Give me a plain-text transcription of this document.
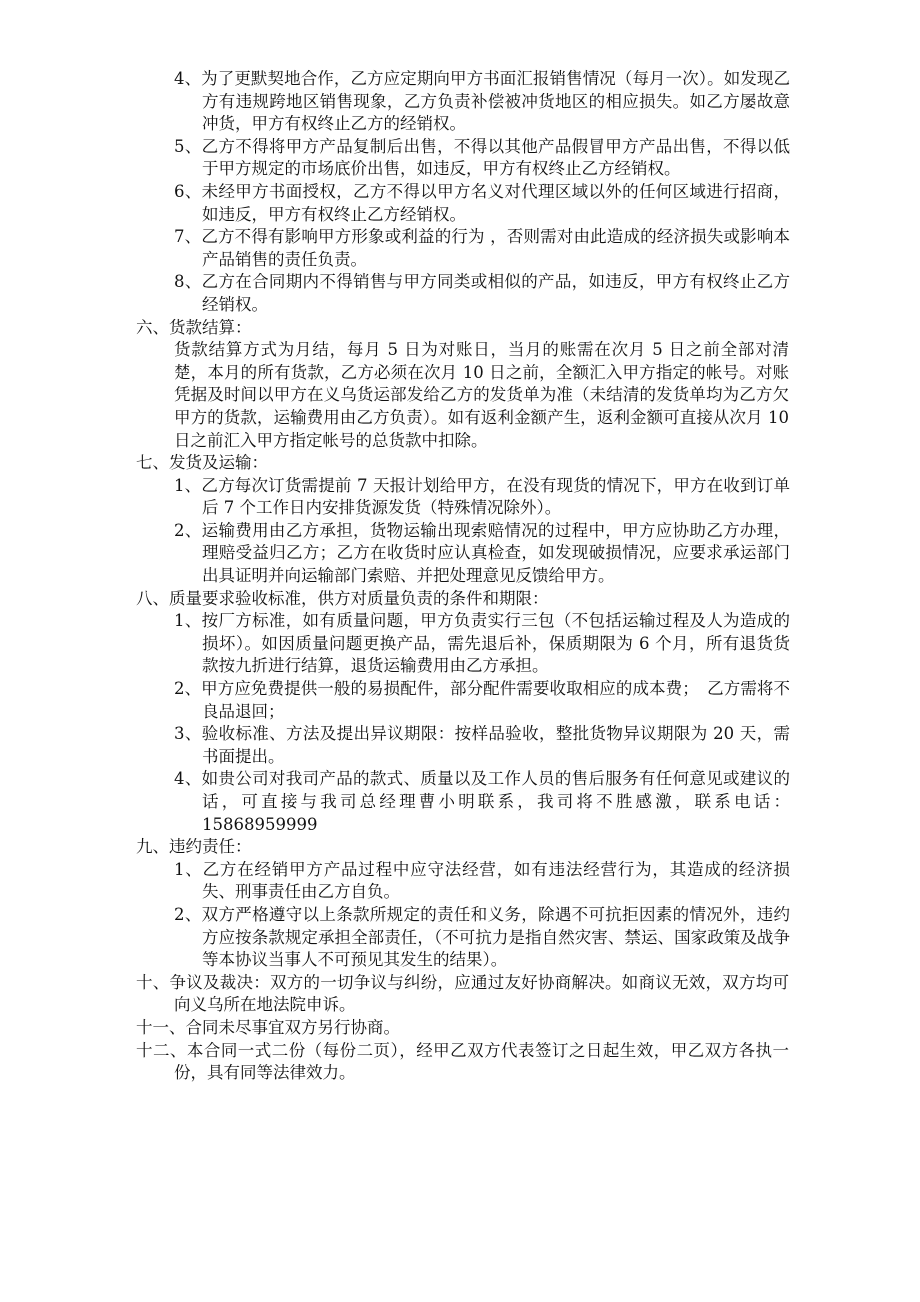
4、为了更默契地合作，乙方应定期向甲方书面汇报销售情况（每月一次）。如发现乙方有违规跨地区销售现象，乙方负责补偿被冲货地区的相应损失。如乙方屡故意冲货，甲方有权终止乙方的经销权。

5、乙方不得将甲方产品复制后出售，不得以其他产品假冒甲方产品出售，不得以低于甲方规定的市场底价出售，如违反，甲方有权终止乙方经销权。

6、未经甲方书面授权，乙方不得以甲方名义对代理区域以外的任何区域进行招商，如违反，甲方有权终止乙方经销权。

7、乙方不得有影响甲方形象或利益的行为 ，否则需对由此造成的经济损失或影响本产品销售的责任负责。

8、乙方在合同期内不得销售与甲方同类或相似的产品，如违反，甲方有权终止乙方经销权。

六、货款结算：

货款结算方式为月结，每月 5 日为对账日，当月的账需在次月 5 日之前全部对清楚，本月的所有货款，乙方必须在次月 10 日之前，全额汇入甲方指定的帐号。对账凭据及时间以甲方在义乌货运部发给乙方的发货单为准（未结清的发货单均为乙方欠甲方的货款，运输费用由乙方负责）。如有返利金额产生，返利金额可直接从次月 10 日之前汇入甲方指定帐号的总货款中扣除。

七、发货及运输：

1、乙方每次订货需提前 7 天报计划给甲方，在没有现货的情况下，甲方在收到订单后 7 个工作日内安排货源发货（特殊情况除外）。

2、运输费用由乙方承担，货物运输出现索赔情况的过程中，甲方应协助乙方办理，理赔受益归乙方；乙方在收货时应认真检查，如发现破损情况，应要求承运部门出具证明并向运输部门索赔、并把处理意见反馈给甲方。

八、质量要求验收标准，供方对质量负责的条件和期限：

1、按厂方标准，如有质量问题，甲方负责实行三包（不包括运输过程及人为造成的损坏）。如因质量问题更换产品，需先退后补，保质期限为 6 个月，所有退货货款按九折进行结算，退货运输费用由乙方承担。

2、甲方应免费提供一般的易损配件，部分配件需要收取相应的成本费；　乙方需将不良品退回；

3、验收标准、方法及提出异议期限：按样品验收，整批货物异议期限为 20 天，需书面提出。

4、如贵公司对我司产品的款式、质量以及工作人员的售后服务有任何意见或建议的话，可直接与我司总经理曹小明联系，我司将不胜感激，联系电话：15868959999

九、违约责任：

1、乙方在经销甲方产品过程中应守法经营，如有违法经营行为，其造成的经济损失、刑事责任由乙方自负。

2、双方严格遵守以上条款所规定的责任和义务，除遇不可抗拒因素的情况外，违约方应按条款规定承担全部责任，（不可抗力是指自然灾害、禁运、国家政策及战争等本协议当事人不可预见其发生的结果）。

十、争议及裁决：双方的一切争议与纠纷，应通过友好协商解决。如商议无效，双方均可向义乌所在地法院申诉。

十一、合同未尽事宜双方另行协商。

十二、本合同一式二份（每份二页），经甲乙双方代表签订之日起生效，甲乙双方各执一份，具有同等法律效力。
